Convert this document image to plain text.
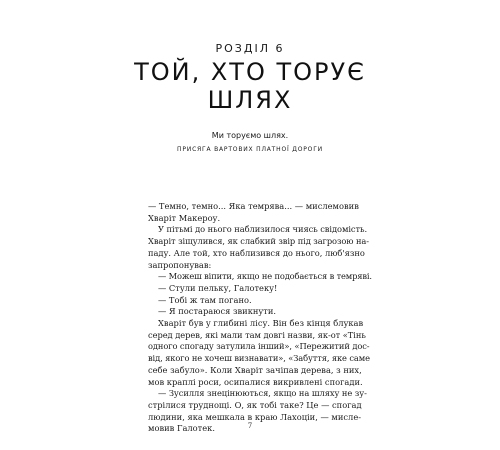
РОЗДІЛ 6
ТОЙ, ХТО ТОРУЄ
ШЛЯХ
Ми торуємо шлях.
ПРИСЯГА ВАРТОВИХ ПЛАТНОЇ ДОРОГИ
— Темно, темно... Яка темрява... — мислемовив
Хваріт Макероу.
У пітьмі до нього наблизилося чиясь свідомість.
Хваріт зіщулився, як слабкий звір під загрозою на-
паду. Але той, хто наблизився до нього, люб'язно
запропонував:
— Можеш віпити, якщо не подобається в темряві.
— Стули пельку, Галотеку!
— Тобі ж там погано.
— Я постараюся звикнути.
Хваріт був у глибині лісу. Він без кінця блукав
серед дерев, які мали там довгі назви, як-от «Тінь
одного спогаду затулила інший», «Пережитий дос-
від, якого не хочеш визнавати», «Забуття, яке саме
себе забуло». Коли Хваріт зачіпав дерева, з них,
мов краплі роси, осипалися викривлені спогади.
— Зусилля знецінюються, якщо на шляху не зу-
стрілися труднощі. О, як тобі таке? Це — спогад
людини, яка мешкала в краю Лахоціи, — мисле-
мовив Галотек.	7
